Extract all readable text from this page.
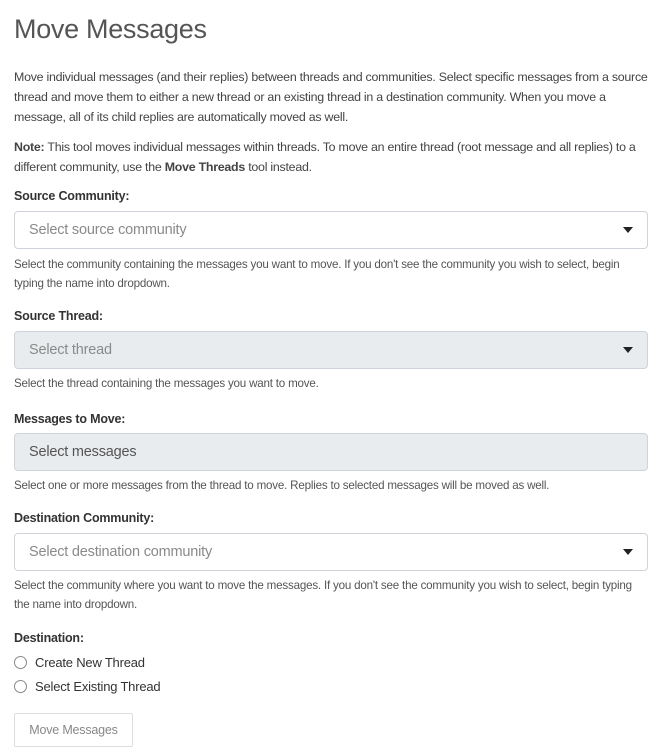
Move Messages

Move individual messages (and their replies) between threads and communities. Select specific messages from a source thread and move them to either a new thread or an existing thread in a destination community. When you move a message, all of its child replies are automatically moved as well.

Note: This tool moves individual messages within threads. To move an entire thread (root message and all replies) to a different community, use the Move Threads tool instead.

Source Community:
Select source community
Select the community containing the messages you want to move. If you don't see the community you wish to select, begin typing the name into dropdown.
Source Thread:
Select thread
Select the thread containing the messages you want to move.
Messages to Move:
Select messages
Select one or more messages from the thread to move. Replies to selected messages will be moved as well.
Destination Community:
Select destination community
Select the community where you want to move the messages. If you don't see the community you wish to select, begin typing the name into dropdown.
Destination:
Create New Thread
Select Existing Thread
Move Messages
